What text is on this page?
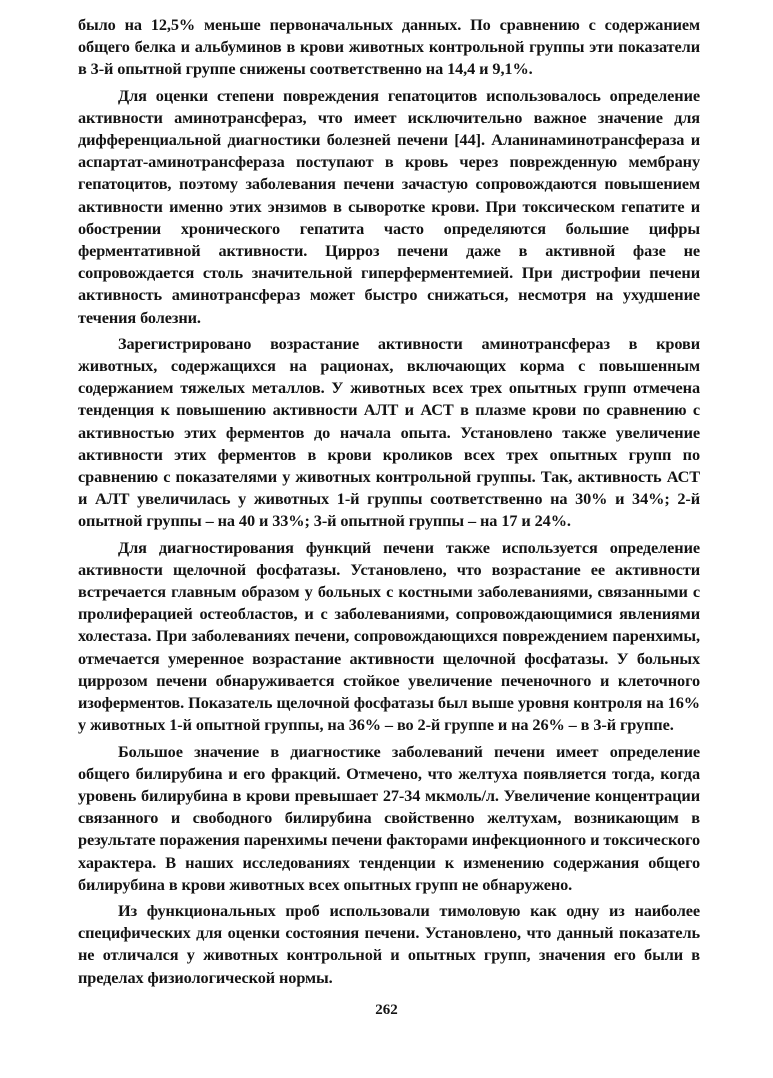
было на 12,5% меньше первоначальных данных. По сравнению с содержанием общего белка и альбуминов в крови животных контрольной группы эти показатели в 3-й опытной группе снижены соответственно на 14,4 и 9,1%.

Для оценки степени повреждения гепатоцитов использовалось определение активности аминотрансфераз, что имеет исключительно важное значение для дифференциальной диагностики болезней печени [44]. Аланинаминотрансфераза и аспартат-аминотрансфераза поступают в кровь через поврежденную мембрану гепатоцитов, поэтому заболевания печени зачастую сопровождаются повышением активности именно этих энзимов в сыворотке крови. При токсическом гепатите и обострении хронического гепатита часто определяются большие цифры ферментативной активности. Цирроз печени даже в активной фазе не сопровождается столь значительной гиперферментемией. При дистрофии печени активность аминотрансфераз может быстро снижаться, несмотря на ухудшение течения болезни.

Зарегистрировано возрастание активности аминотрансфераз в крови животных, содержащихся на рационах, включающих корма с повышенным содержанием тяжелых металлов. У животных всех трех опытных групп отмечена тенденция к повышению активности АЛТ и АСТ в плазме крови по сравнению с активностью этих ферментов до начала опыта. Установлено также увеличение активности этих ферментов в крови кроликов всех трех опытных групп по сравнению с показателями у животных контрольной группы. Так, активность АСТ и АЛТ увеличилась у животных 1-й группы соответственно на 30% и 34%; 2-й опытной группы – на 40 и 33%; 3-й опытной группы – на 17 и 24%.

Для диагностирования функций печени также используется определение активности щелочной фосфатазы. Установлено, что возрастание ее активности встречается главным образом у больных с костными заболеваниями, связанными с пролиферацией остеобластов, и с заболеваниями, сопровождающимися явлениями холестаза. При заболеваниях печени, сопровождающихся повреждением паренхимы, отмечается умеренное возрастание активности щелочной фосфатазы. У больных циррозом печени обнаруживается стойкое увеличение печеночного и клеточного изоферментов. Показатель щелочной фосфатазы был выше уровня контроля на 16% у животных 1-й опытной группы, на 36% – во 2-й группе и на 26% – в 3-й группе.

Большое значение в диагностике заболеваний печени имеет определение общего билирубина и его фракций. Отмечено, что желтуха появляется тогда, когда уровень билирубина в крови превышает 27-34 мкмоль/л. Увеличение концентрации связанного и свободного билирубина свойственно желтухам, возникающим в результате поражения паренхимы печени факторами инфекционного и токсического характера. В наших исследованиях тенденции к изменению содержания общего билирубина в крови животных всех опытных групп не обнаружено.

Из функциональных проб использовали тимоловую как одну из наиболее специфических для оценки состояния печени. Установлено, что данный показатель не отличался у животных контрольной и опытных групп, значения его были в пределах физиологической нормы.

262
